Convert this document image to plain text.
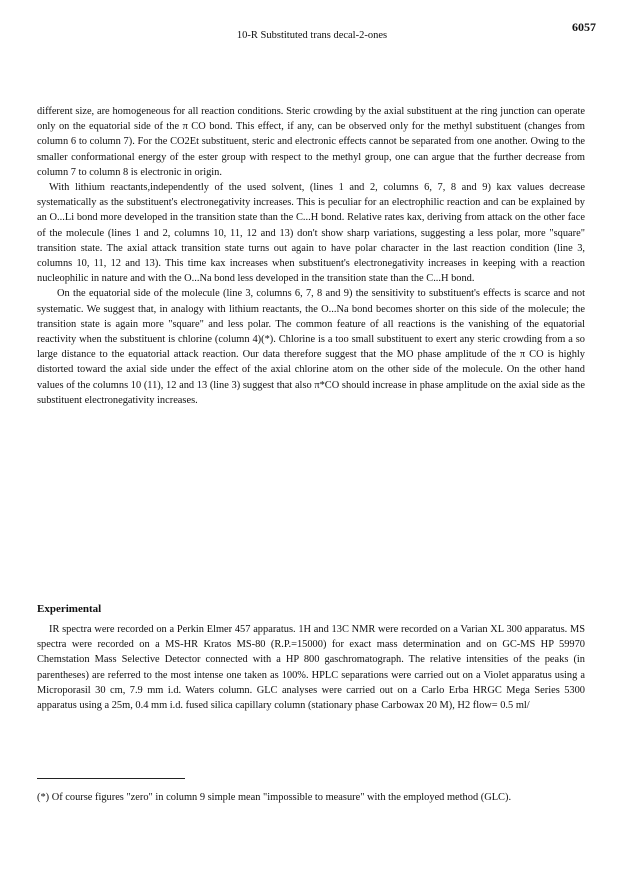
6057
10-R Substituted trans decal-2-ones

different size, are homogeneous for all reaction conditions. Steric crowding by the axial substituent at the ring junction can operate only on the equatorial side of the π CO bond. This effect, if any, can be observed only for the methyl substituent (changes from column 6 to column 7). For the CO2Et substituent, steric and electronic effects cannot be separated from one another. Owing to the smaller conformational energy of the ester group with respect to the methyl group, one can argue that the further decrease from column 7 to column 8 is electronic in origin.

With lithium reactants,independently of the used solvent, (lines 1 and 2, columns 6, 7, 8 and 9) kax values decrease systematically as the substituent's electronegativity increases. This is peculiar for an electrophilic reaction and can be explained by an O...Li bond more developed in the transition state than the C...H bond. Relative rates kax, deriving from attack on the other face of the molecule (lines 1 and 2, columns 10, 11, 12 and 13) don't show sharp variations, suggesting a less polar, more "square" transition state. The axial attack transition state turns out again to have polar character in the last reaction condition (line 3, columns 10, 11, 12 and 13). This time kax increases when substituent's electronegativity increases in keeping with a reaction nucleophilic in nature and with the O...Na bond less developed in the transition state than the C...H bond.

On the equatorial side of the molecule (line 3, columns 6, 7, 8 and 9) the sensitivity to substituent's effects is scarce and not systematic. We suggest that, in analogy with lithium reactants, the O...Na bond becomes shorter on this side of the molecule; the transition state is again more "square" and less polar. The common feature of all reactions is the vanishing of the equatorial reactivity when the substituent is chlorine (column 4)(*). Chlorine is a too small substituent to exert any steric crowding from a so large distance to the equatorial attack reaction. Our data therefore suggest that the MO phase amplitude of the π CO is highly distorted toward the axial side under the effect of the axial chlorine atom on the other side of the molecule. On the other hand values of the columns 10 (11), 12 and 13 (line 3) suggest that also π*CO should increase in phase amplitude on the axial side as the substituent electronegativity increases.

Experimental

IR spectra were recorded on a Perkin Elmer 457 apparatus. 1H and 13C NMR were recorded on a Varian XL 300 apparatus. MS spectra were recorded on a MS-HR Kratos MS-80 (R.P.=15000) for exact mass determination and on GC-MS HP 59970 Chemstation Mass Selective Detector connected with a HP 800 gaschromatograph. The relative intensities of the peaks (in parentheses) are referred to the most intense one taken as 100%. HPLC separations were carried out on a Violet apparatus using a Microporasil 30 cm, 7.9 mm i.d. Waters column. GLC analyses were carried out on a Carlo Erba HRGC Mega Series 5300 apparatus using a 25m, 0.4 mm i.d. fused silica capillary column (stationary phase Carbowax 20 M), H2 flow= 0.5 ml/

(*) Of course figures "zero" in column 9 simple mean "impossible to measure" with the employed method (GLC).
